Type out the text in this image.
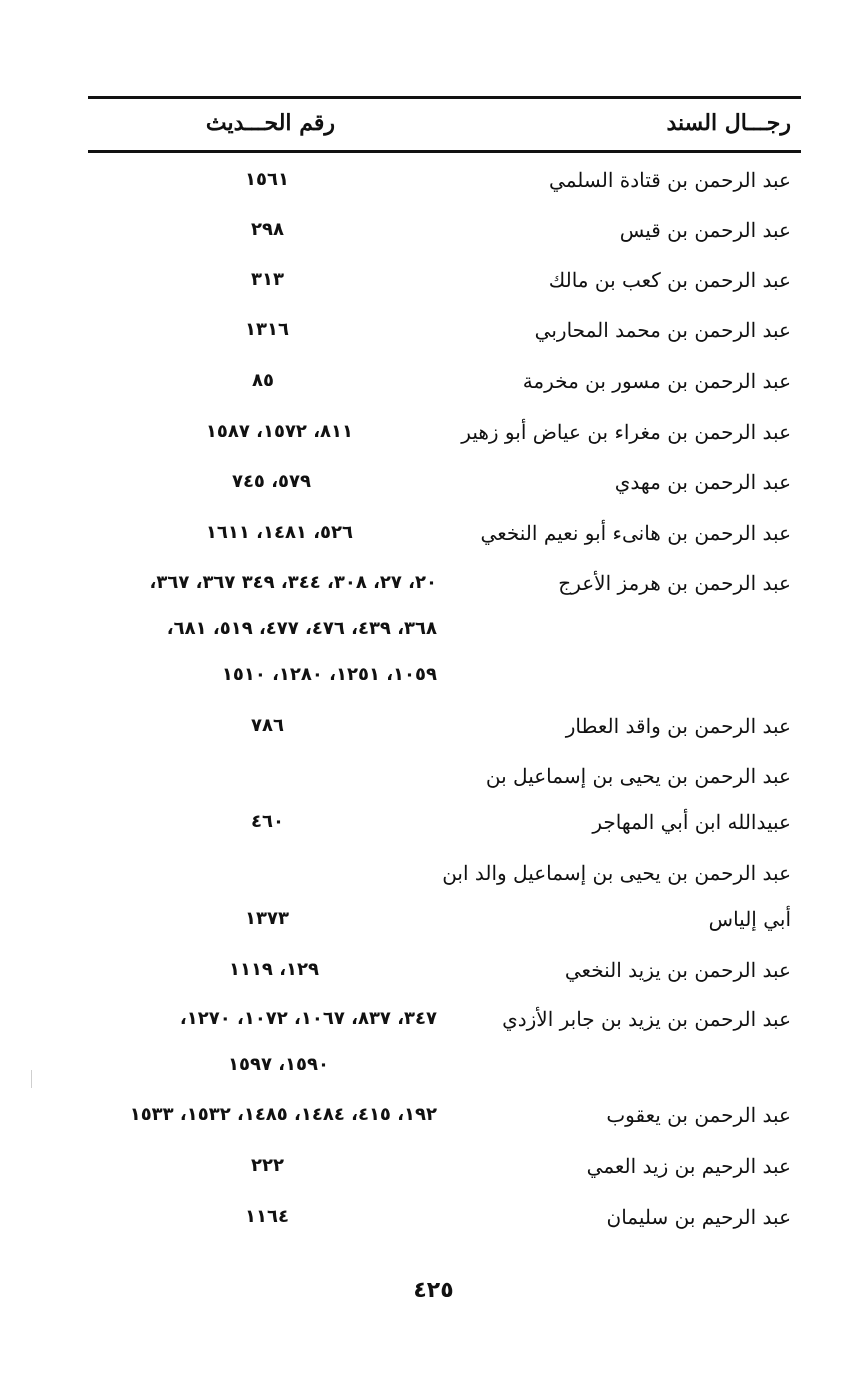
رجـــال السند
رقم الحـــديث
عبد الرحمن بن قتادة السلمي
١٥٦١
عبد الرحمن بن قيس
٢٩٨
عبد الرحمن بن كعب بن مالك
٣١٣
عبد الرحمن بن محمد المحاربي
١٣١٦
عبد الرحمن بن مسور بن مخرمة
٨٥
عبد الرحمن بن مغراء بن عياض أبو زهير
٨١١، ١٥٧٢، ١٥٨٧
عبد الرحمن بن مهدي
٥٧٩، ٧٤٥
عبد الرحمن بن هانىء أبو نعيم النخعي
٥٢٦، ١٤٨١، ١٦١١
عبد الرحمن بن هرمز الأعرج
٢٠، ٢٧، ٣٠٨، ٣٤٤، ٣٤٩ ٣٦٧، ٣٦٧،
٣٦٨، ٤٣٩، ٤٧٦، ٤٧٧، ٥١٩، ٦٨١،
١٠٥٩، ١٢٥١، ١٢٨٠، ١٥١٠
عبد الرحمن بن واقد العطار
٧٨٦
عبد الرحمن بن يحيى بن إسماعيل بن
عبيدالله ابن أبي المهاجر
٤٦٠
عبد الرحمن بن يحيى بن إسماعيل والد ابن
أبي إلياس
١٣٧٣
عبد الرحمن بن يزيد النخعي
١٢٩، ١١١٩
عبد الرحمن بن يزيد بن جابر الأزدي
٣٤٧، ٨٣٧، ١٠٦٧، ١٠٧٢، ١٢٧٠،
١٥٩٠، ١٥٩٧
عبد الرحمن بن يعقوب
١٩٢، ٤١٥، ١٤٨٤، ١٤٨٥، ١٥٣٢، ١٥٣٣
عبد الرحيم بن زيد العمي
٢٢٢
عبد الرحيم بن سليمان
١١٦٤
٤٢٥
